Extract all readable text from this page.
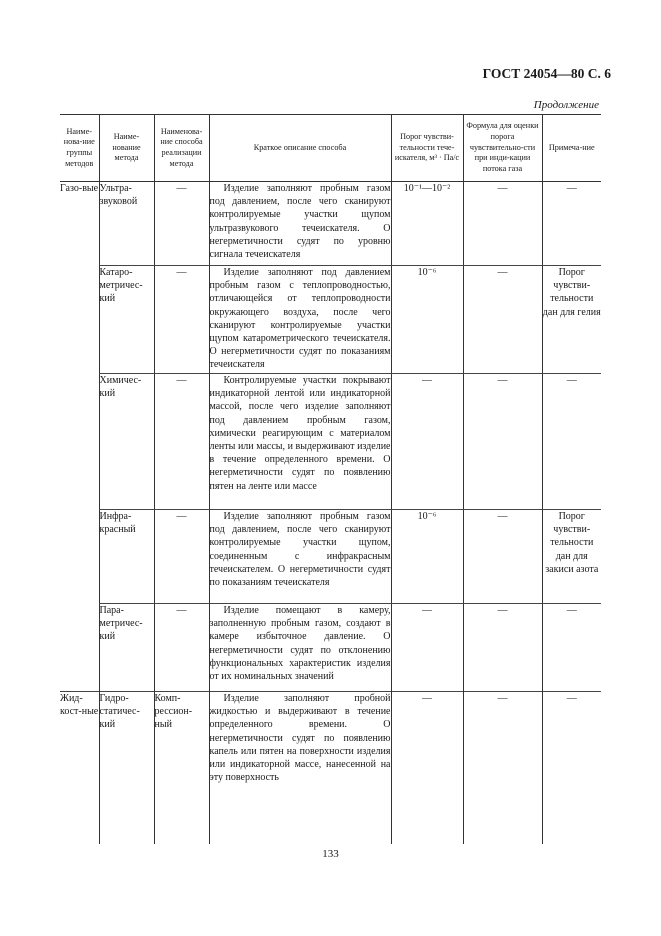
ГОСТ 24054—80 С. 6
Продолжение
Наиме-нова-ние группы методов	Наиме-нование метода	Наименова-ние способа реализации метода	Краткое описание способа	Порог чувстви-тельности тече-искателя, м³ · Па/с	Формула для оценки порога чувствительно-сти при инди-кации потока газа	Примеча-ние
Газо-вые	Ультра-звуковой	—	Изделие заполняют пробным газом под давлением, после чего сканируют контролируемые участки щупом ультразвукового течеискателя. О негерметичности судят по уровню сигнала течеискателя	10⁻¹—10⁻²	—	—
	Катаро-метричес-кий	—	Изделие заполняют под давлением пробным газом с теплопроводностью, отличающейся от теплопроводности окружающего воздуха, после чего сканируют контролируемые участки щупом катарометрического течеискателя. О негерметичности судят по показаниям течеискателя	10⁻⁶	—	Порог чувстви-тельности дан для гелия
	Химичес-кий	—	Контролируемые участки покрывают индикаторной лентой или индикаторной массой, после чего изделие заполняют под давлением пробным газом, химически реагирующим с материалом ленты или массы, и выдерживают изделие в течение определенного времени. О негерметичности судят по появлению пятен на ленте или массе	—	—	—
	Инфра-красный	—	Изделие заполняют пробным газом под давлением, после чего сканируют контролируемые участки щупом, соединенным с инфракрасным течеискателем. О негерметичности судят по показаниям течеискателя	10⁻⁶	—	Порог чувстви-тельности дан для закиси азота
	Пара-метричес-кий	—	Изделие помещают в камеру, заполненную пробным газом, создают в камере избыточное давление. О негерметичности судят по отклонению функциональных характеристик изделия от их номинальных значений	—	—	—
Жид-кост-ные	Гидро-статичес-кий	Комп-рессион-ный	Изделие заполняют пробной жидкостью и выдерживают в течение определенного времени. О негерметичности судят по появлению капель или пятен на поверхности изделия или индикаторной массе, нанесенной на эту поверхность	—	—	—
133
